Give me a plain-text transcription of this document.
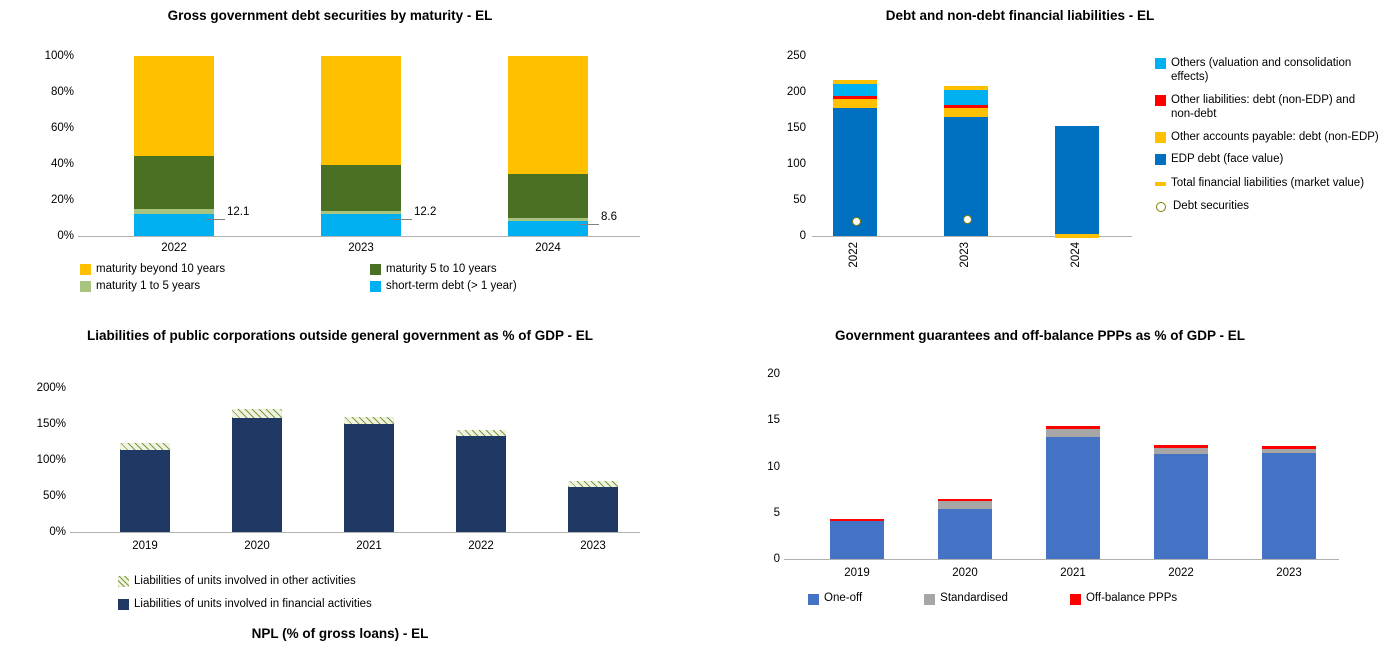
Gross government debt securities by maturity - EL
100%
80%
60%
40%
20%
0%
12.1	12.2	8.6
2022	2023	2024
maturity beyond 10 years
maturity 1 to 5 years
maturity 5 to 10 years
short-term debt (> 1 year)
Debt and non-debt financial liabilities - EL
250
200
150
100
50
0
2022	2023	2024
Others (valuation and consolidation effects)
Other liabilities: debt (non-EDP) and non-debt
Other accounts payable: debt (non-EDP)
EDP debt (face value)
Total financial liabilities (market value)
Debt securities
Liabilities of public corporations outside general government as % of GDP - EL
200%
150%
100%
50%
0%
2019	2020	2021	2022	2023
Liabilities of units involved in other activities
Liabilities of units involved in financial activities
Government guarantees and off-balance PPPs as % of GDP - EL
20
15
10
5
0
2019	2020	2021	2022	2023
One-off	Standardised	Off-balance PPPs
NPL (% of gross loans) - EL
